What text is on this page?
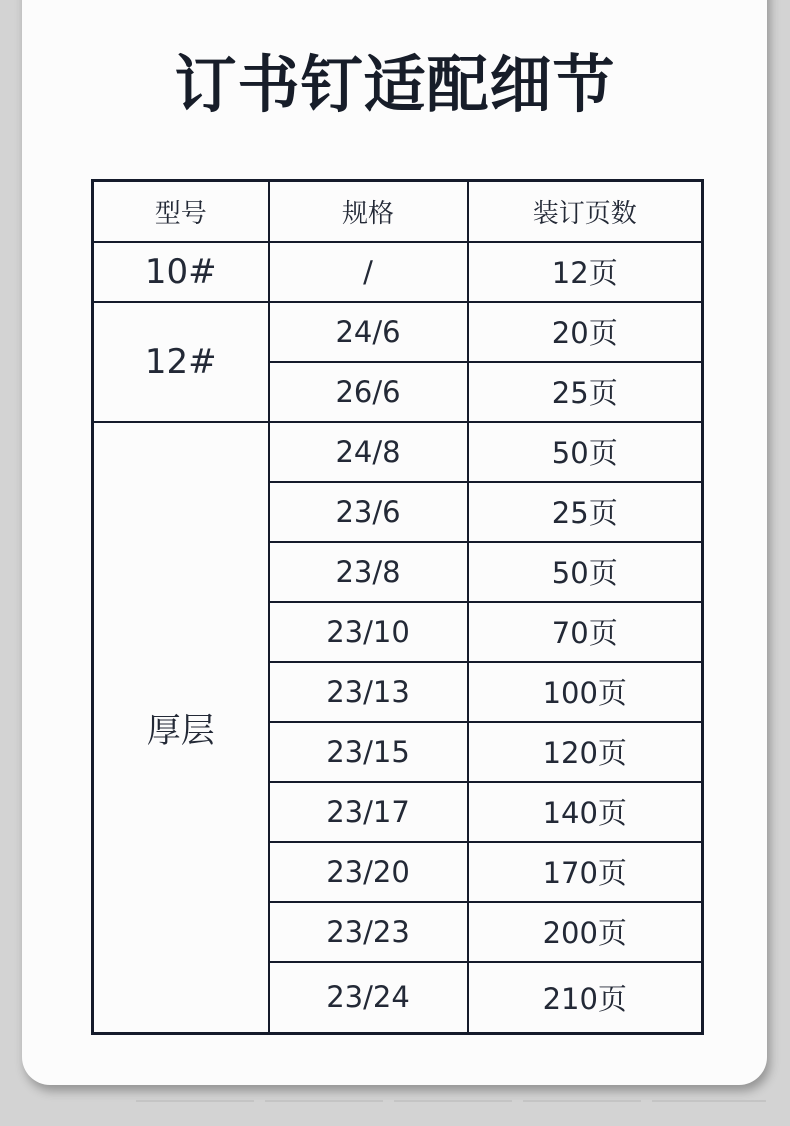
订书钉适配细节
型号	规格	装订页数
10#	/	12页
12#	24/6	20页
	26/6	25页
厚层	24/8	50页
	23/6	25页
	23/8	50页
	23/10	70页
	23/13	100页
	23/15	120页
	23/17	140页
	23/20	170页
	23/23	200页
	23/24	210页
